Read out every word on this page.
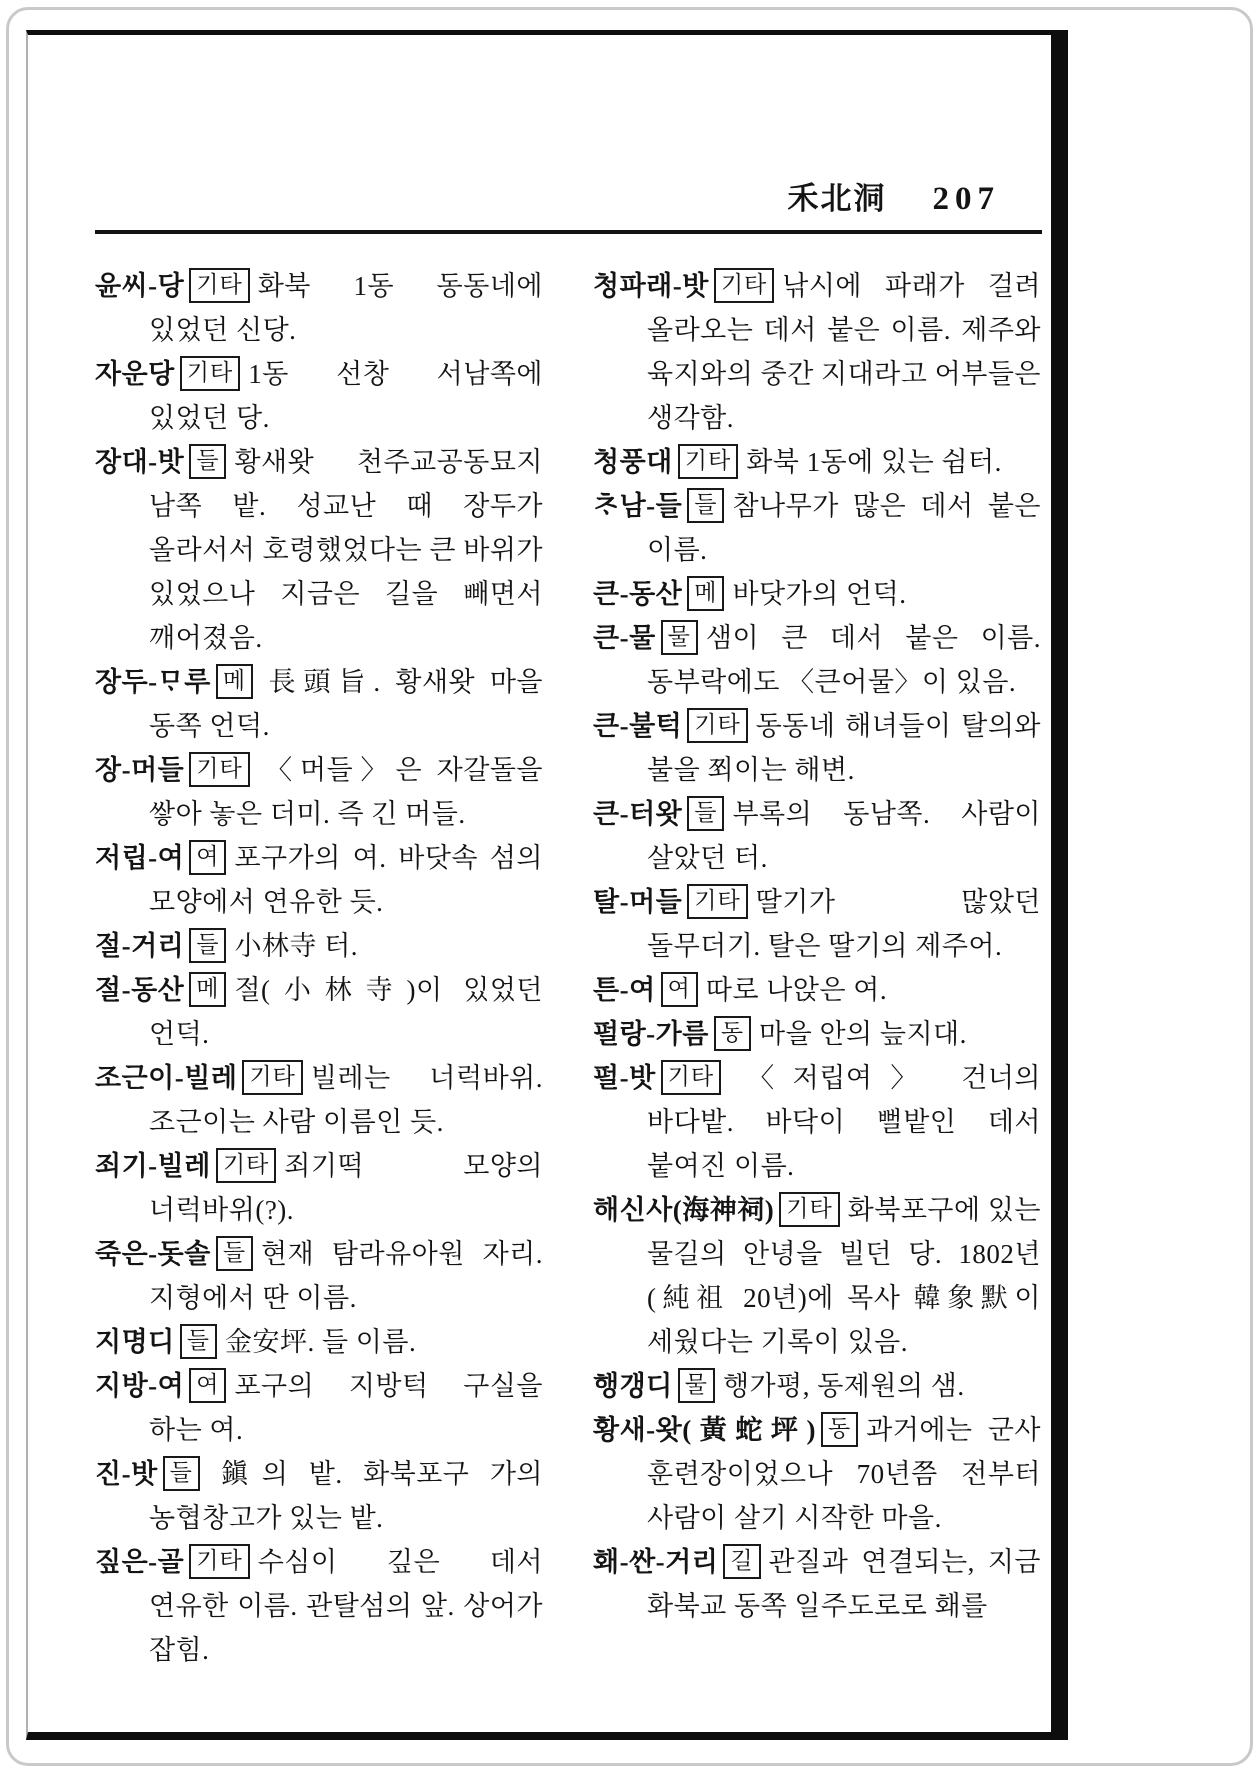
禾北洞 207
윤씨-당 기타 화북 1동 동동네에 있었던 신당.
자운당 기타 1동 선창 서남쪽에 있었던 당.
장대-밧 들 황새왓 천주교공동묘지 남쪽 밭. 성교난 때 장두가 올라서서 호령했었다는 큰 바위가 있었으나 지금은 길을 빼면서 깨어졌음.
장두-ᄆᆞ루 메 長頭旨. 황새왓 마을 동쪽 언덕.
장-머들 기타 〈머들〉은 자갈돌을 쌓아 놓은 더미. 즉 긴 머들.
저립-여 여 포구가의 여. 바닷속 섬의 모양에서 연유한 듯.
절-거리 들 小林寺 터.
절-동산 메 절(小林寺)이 있었던 언덕.
조근이-빌레 기타 빌레는 너럭바위. 조근이는 사람 이름인 듯.
죄기-빌레 기타 죄기떡 모양의 너럭바위(?).
죽은-돗솔 들 현재 탐라유아원 자리. 지형에서 딴 이름.
지명디 들 金安坪. 들 이름.
지방-여 여 포구의 지방턱 구실을 하는 여.
진-밧 들 鎭의 밭. 화북포구 가의 농협창고가 있는 밭.
짚은-골 기타 수심이 깊은 데서 연유한 이름. 관탈섬의 앞. 상어가 잡힘.
청파래-밧 기타 낚시에 파래가 걸려 올라오는 데서 붙은 이름. 제주와 육지와의 중간 지대라고 어부들은 생각함.
청풍대 기타 화북 1동에 있는 쉼터.
ᄎᆞ남-들 들 참나무가 많은 데서 붙은 이름.
큰-동산 메 바닷가의 언덕.
큰-물 물 샘이 큰 데서 붙은 이름. 동부락에도 〈큰어물〉이 있음.
큰-불턱 기타 동동네 해녀들이 탈의와 불을 쬐이는 해변.
큰-터왓 들 부록의 동남쪽. 사람이 살았던 터.
탈-머들 기타 딸기가 많았던 돌무더기. 탈은 딸기의 제주어.
튼-여 여 따로 나앉은 여.
펄랑-가름 동 마을 안의 늪지대.
펄-밧 기타 〈저립여〉 건너의 바다밭. 바닥이 뻘밭인 데서 붙여진 이름.
해신사(海神祠) 기타 화북포구에 있는 물길의 안녕을 빌던 당. 1802년(純祖 20년)에 목사 韓象默이 세웠다는 기록이 있음.
행갱디 물 행가평, 동제원의 샘.
황새-왓(黃蛇坪) 동 과거에는 군사 훈련장이었으나 70년쯤 전부터 사람이 살기 시작한 마을.
홰-싼-거리 길 관질과 연결되는, 지금 화북교 동쪽 일주도로로 홰를
